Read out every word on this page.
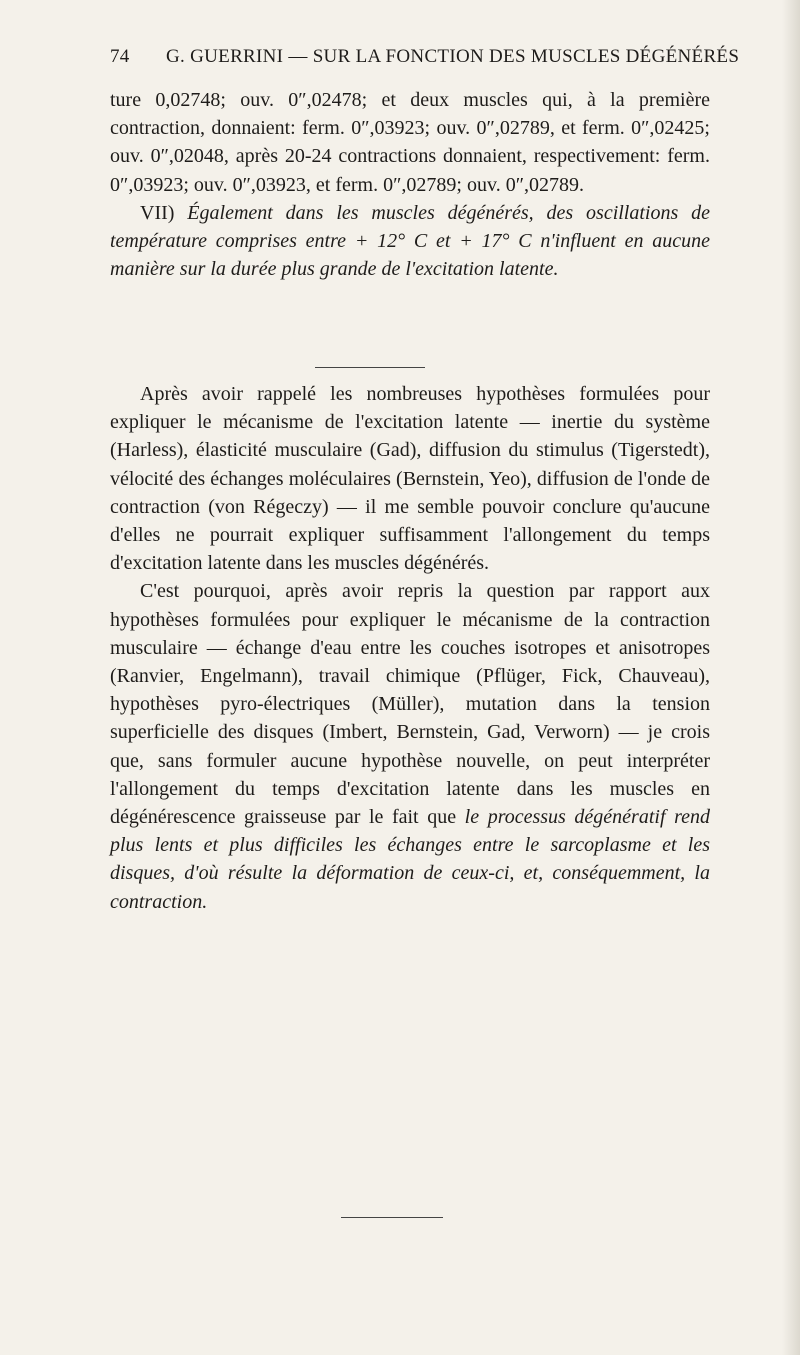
74 G. GUERRINI — SUR LA FONCTION DES MUSCLES DÉGÉNÉRÉS

ture 0,02748; ouv. 0″,02478; et deux muscles qui, à la première contraction, donnaient: ferm. 0″,03923; ouv. 0″,02789, et ferm. 0″,02425; ouv. 0″,02048, après 20-24 contractions donnaient, respectivement: ferm. 0″,03923; ouv. 0″,03923, et ferm. 0″,02789; ouv. 0″,02789.

VII) Également dans les muscles dégénérés, des oscillations de température comprises entre + 12° C et + 17° C n'influent en aucune manière sur la durée plus grande de l'excitation latente.

Après avoir rappelé les nombreuses hypothèses formulées pour expliquer le mécanisme de l'excitation latente — inertie du système (Harless), élasticité musculaire (Gad), diffusion du stimulus (Tigerstedt), vélocité des échanges moléculaires (Bernstein, Yeo), diffusion de l'onde de contraction (von Régeczy) — il me semble pouvoir conclure qu'aucune d'elles ne pourrait expliquer suffisamment l'allongement du temps d'excitation latente dans les muscles dégénérés.

C'est pourquoi, après avoir repris la question par rapport aux hypothèses formulées pour expliquer le mécanisme de la contraction musculaire — échange d'eau entre les couches isotropes et anisotropes (Ranvier, Engelmann), travail chimique (Pflüger, Fick, Chauveau), hypothèses pyro-électriques (Müller), mutation dans la tension superficielle des disques (Imbert, Bernstein, Gad, Verworn) — je crois que, sans formuler aucune hypothèse nouvelle, on peut interpréter l'allongement du temps d'excitation latente dans les muscles en dégénérescence graisseuse par le fait que le processus dégénératif rend plus lents et plus difficiles les échanges entre le sarcoplasme et les disques, d'où résulte la déformation de ceux-ci, et, conséquemment, la contraction.
